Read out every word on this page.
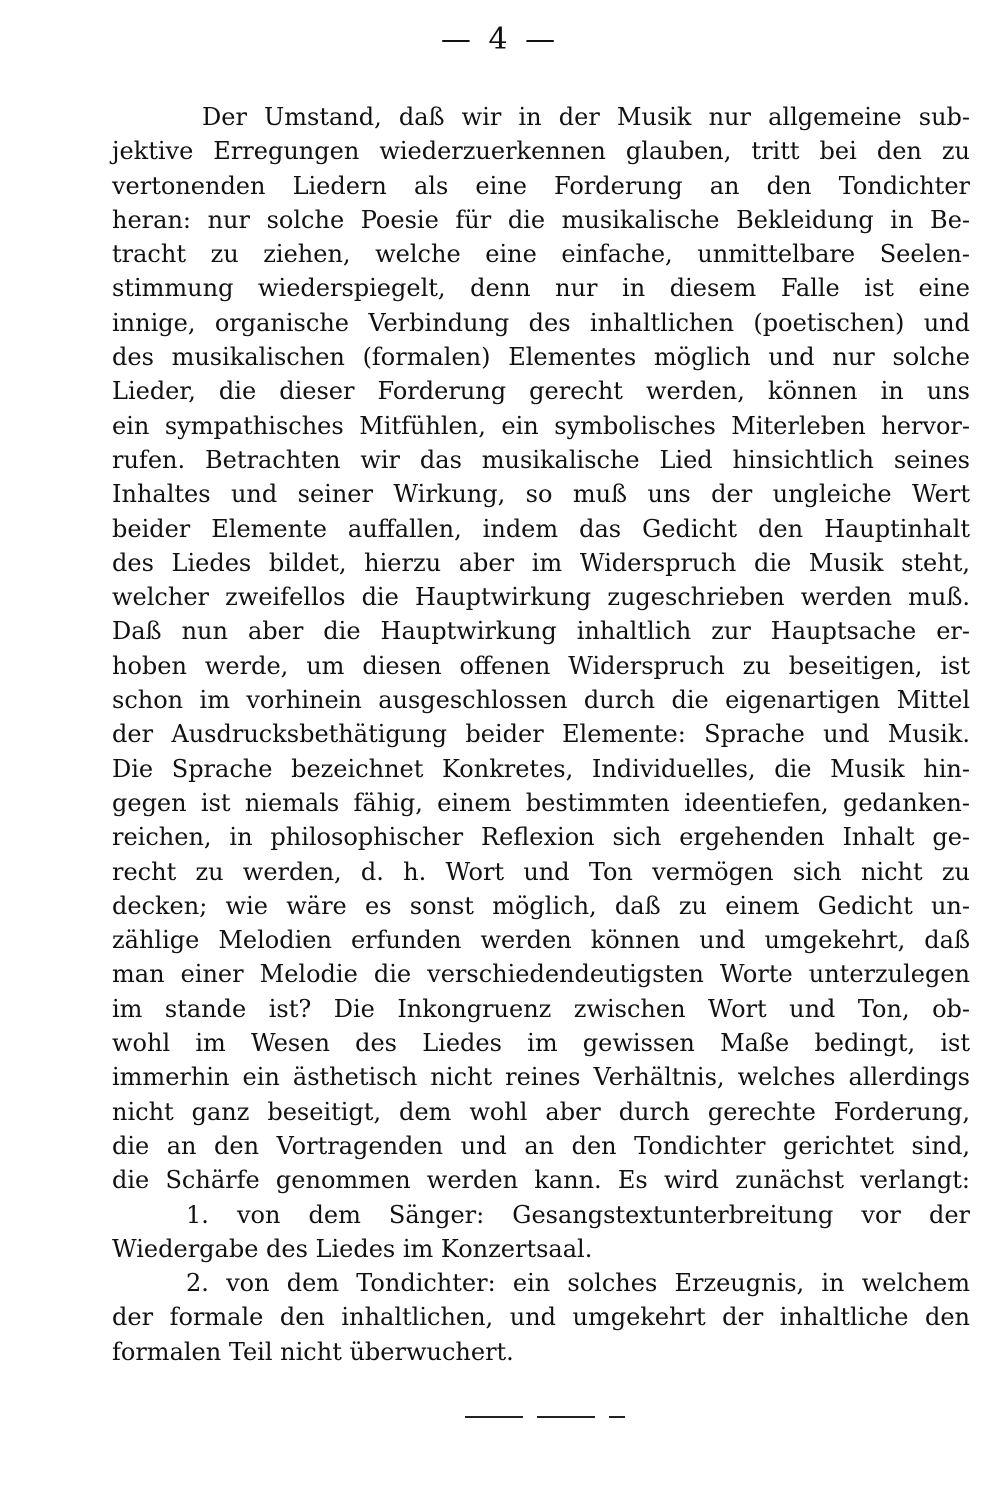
— 4 —
Der Umstand, daß wir in der Musik nur allgemeine sub-
jektive Erregungen wiederzuerkennen glauben, tritt bei den zu
vertonenden Liedern als eine Forderung an den Tondichter
heran: nur solche Poesie für die musikalische Bekleidung in Be-
tracht zu ziehen, welche eine einfache, unmittelbare Seelen-
stimmung wiederspiegelt, denn nur in diesem Falle ist eine
innige, organische Verbindung des inhaltlichen (poetischen) und
des musikalischen (formalen) Elementes möglich und nur solche
Lieder, die dieser Forderung gerecht werden, können in uns
ein sympathisches Mitfühlen, ein symbolisches Miterleben hervor-
rufen. Betrachten wir das musikalische Lied hinsichtlich seines
Inhaltes und seiner Wirkung, so muß uns der ungleiche Wert
beider Elemente auffallen, indem das Gedicht den Hauptinhalt
des Liedes bildet, hierzu aber im Widerspruch die Musik steht,
welcher zweifellos die Hauptwirkung zugeschrieben werden muß.
Daß nun aber die Hauptwirkung inhaltlich zur Hauptsache er-
hoben werde, um diesen offenen Widerspruch zu beseitigen, ist
schon im vorhinein ausgeschlossen durch die eigenartigen Mittel
der Ausdrucksbethätigung beider Elemente: Sprache und Musik.
Die Sprache bezeichnet Konkretes, Individuelles, die Musik hin-
gegen ist niemals fähig, einem bestimmten ideentiefen, gedanken-
reichen, in philosophischer Reflexion sich ergehenden Inhalt ge-
recht zu werden, d. h. Wort und Ton vermögen sich nicht zu
decken; wie wäre es sonst möglich, daß zu einem Gedicht un-
zählige Melodien erfunden werden können und umgekehrt, daß
man einer Melodie die verschiedendeutigsten Worte unterzulegen
im stande ist? Die Inkongruenz zwischen Wort und Ton, ob-
wohl im Wesen des Liedes im gewissen Maße bedingt, ist
immerhin ein ästhetisch nicht reines Verhältnis, welches allerdings
nicht ganz beseitigt, dem wohl aber durch gerechte Forderung,
die an den Vortragenden und an den Tondichter gerichtet sind,
die Schärfe genommen werden kann. Es wird zunächst verlangt:
1. von dem Sänger: Gesangstextunterbreitung vor der
Wiedergabe des Liedes im Konzertsaal.
2. von dem Tondichter: ein solches Erzeugnis, in welchem
der formale den inhaltlichen, und umgekehrt der inhaltliche den
formalen Teil nicht überwuchert.
